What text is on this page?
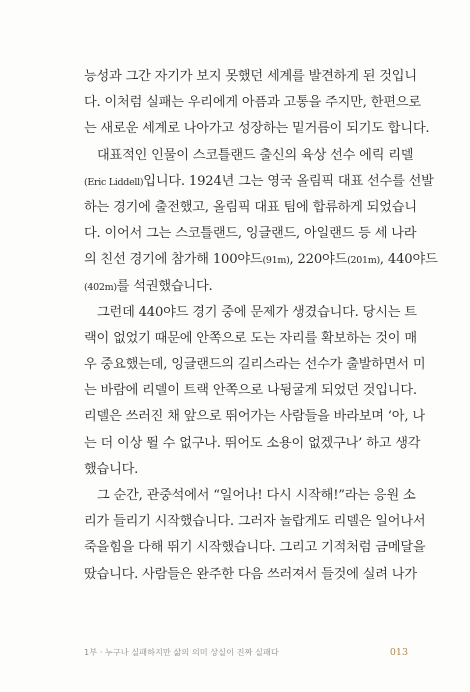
능성과 그간 자기가 보지 못했던 세계를 발견하게 된 것입니
다. 이처럼 실패는 우리에게 아픔과 고통을 주지만, 한편으로
는 새로운 세계로 나아가고 성장하는 밑거름이 되기도 합니다.
　대표적인 인물이 스코틀랜드 출신의 육상 선수 에릭 리델
(Eric Liddell)입니다. 1924년 그는 영국 올림픽 대표 선수를 선발
하는 경기에 출전했고, 올림픽 대표 팀에 합류하게 되었습니
다. 이어서 그는 스코틀랜드, 잉글랜드, 아일랜드 등 세 나라
의 친선 경기에 참가해 100야드(91m), 220야드(201m), 440야드
(402m)를 석권했습니다.
　그런데 440야드 경기 중에 문제가 생겼습니다. 당시는 트
랙이 없었기 때문에 안쪽으로 도는 자리를 확보하는 것이 매
우 중요했는데, 잉글랜드의 길리스라는 선수가 출발하면서 미
는 바람에 리델이 트랙 안쪽으로 나뒹굴게 되었던 것입니다.
리델은 쓰러진 채 앞으로 뛰어가는 사람들을 바라보며 ‘아, 나
는 더 이상 뛸 수 없구나. 뛰어도 소용이 없겠구나’ 하고 생각
했습니다.
　그 순간, 관중석에서 “일어나! 다시 시작해!”라는 응원 소
리가 들리기 시작했습니다. 그러자 놀랍게도 리델은 일어나서
죽을힘을 다해 뛰기 시작했습니다. 그리고 기적처럼 금메달을
땄습니다. 사람들은 완주한 다음 쓰러져서 들것에 실려 나가
1부 · 누구나 실패하지만 삶의 의미 상실이 진짜 실패다	013
